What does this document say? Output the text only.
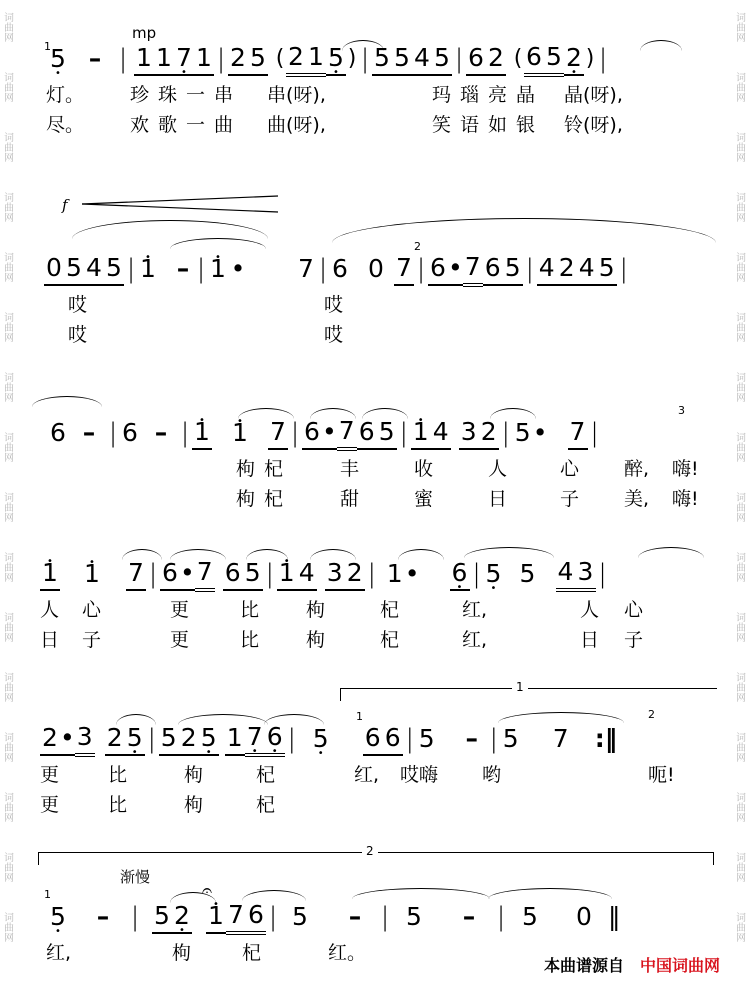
词
曲
网
词
曲
网
词
曲
网
词
曲
网
词
曲
网
词
曲
网
词
曲
网
词
曲
网
词
曲
网
词
曲
网
词
曲
网
词
曲
网
词
曲
网
词
曲
网
词
曲
网
词
曲
网
词
曲
网
词
曲
网
词
曲
网
词
曲
网
词
曲
网
词
曲
网
词
曲
网
词
曲
网
词
曲
网
词
曲
网
词
曲
网
词
曲
网
词
曲
网
词
曲
网
词
曲
网
词
曲
网
1
mp
5 • – | 1 1 7 • 1 | 2 5 ( 2 1 5 • ) | 5 5 4 5 | 6 2 ( 6 5 2 • ) |
灯。 珍珠一串 串(呀),	玛瑙亮晶 晶(呀),
尽。 欢歌一曲 曲(呀),	笑语如银 铃(呀),
f
2
0 5 4 5 | • 1 – | • 1 • 7 | 6 0 7 | 6 • 7 6 5 | 4 2 4 5 |
哎	哎
哎	哎
3
6 – | 6 – | • 1 • 1 7 | 6 • 7 6 5 | • 1 4 3 2 | 5 • 7 |
枸 杞	丰	收	人	心 醉, 嗨!
枸 杞	甜	蜜	日	子 美, 嗨!
• 1 • 1 7 | 6 • 7 6 5 | • 1 4 3 2 | 1 • 6 • | 5 • 5 4 3 |
人 心	更	比 枸	杞	红,	人 心
日 子	更	比 枸	杞	红,	日 子
1
1	2
2 • 3 2 5 • | 5 2 5 • 1 7 • 6 • | 5 • 6 6 | 5 – | 5 7 :‖
更	比	枸	杞	红, 哎嗨 哟	呃!
更	比	枸	杞
2
渐慢
1	𝄐
5 • – | 5 2 • • 1 7 6 | 5 – | 5 – | 5 0 ‖
红,	枸	杞	红。
本曲谱源自 中国词曲网
